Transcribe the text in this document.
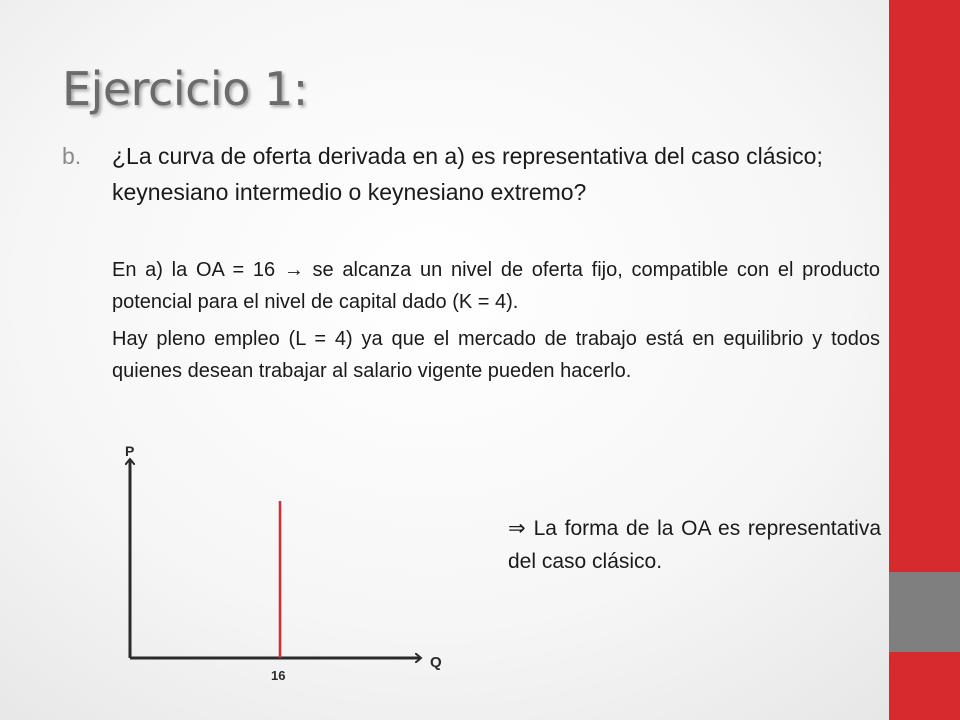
Ejercicio 1:
b.	¿La curva de oferta derivada en a) es representativa del caso clásico; keynesiano intermedio o keynesiano extremo?
En a) la OA = 16 → se alcanza un nivel de oferta fijo, compatible con el producto potencial para el nivel de capital dado (K = 4).
Hay pleno empleo (L = 4) ya que el mercado de trabajo está en equilibrio y todos quienes desean trabajar al salario vigente pueden hacerlo.
P
Q
16
⇒ La forma de la OA es representativa del caso clásico.
